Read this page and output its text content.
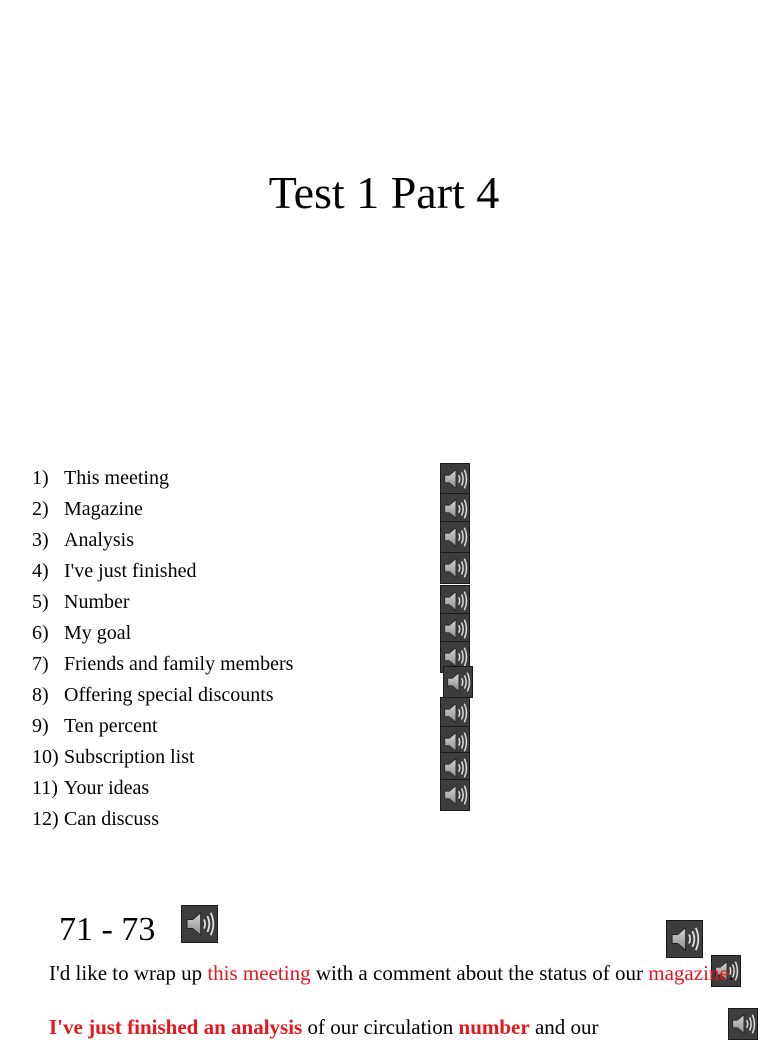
Test 1 Part 4
1) This meeting
2) Magazine
3) Analysis
4) I've just finished
5) Number
6) My goal
7) Friends and family members
8) Offering special discounts
9) Ten percent
10) Subscription list
11) Your ideas
12) Can discuss
71 - 73
I'd like to wrap up this meeting with a comment about the status of our magazine.
I've just finished an analysis of our circulation number and our
